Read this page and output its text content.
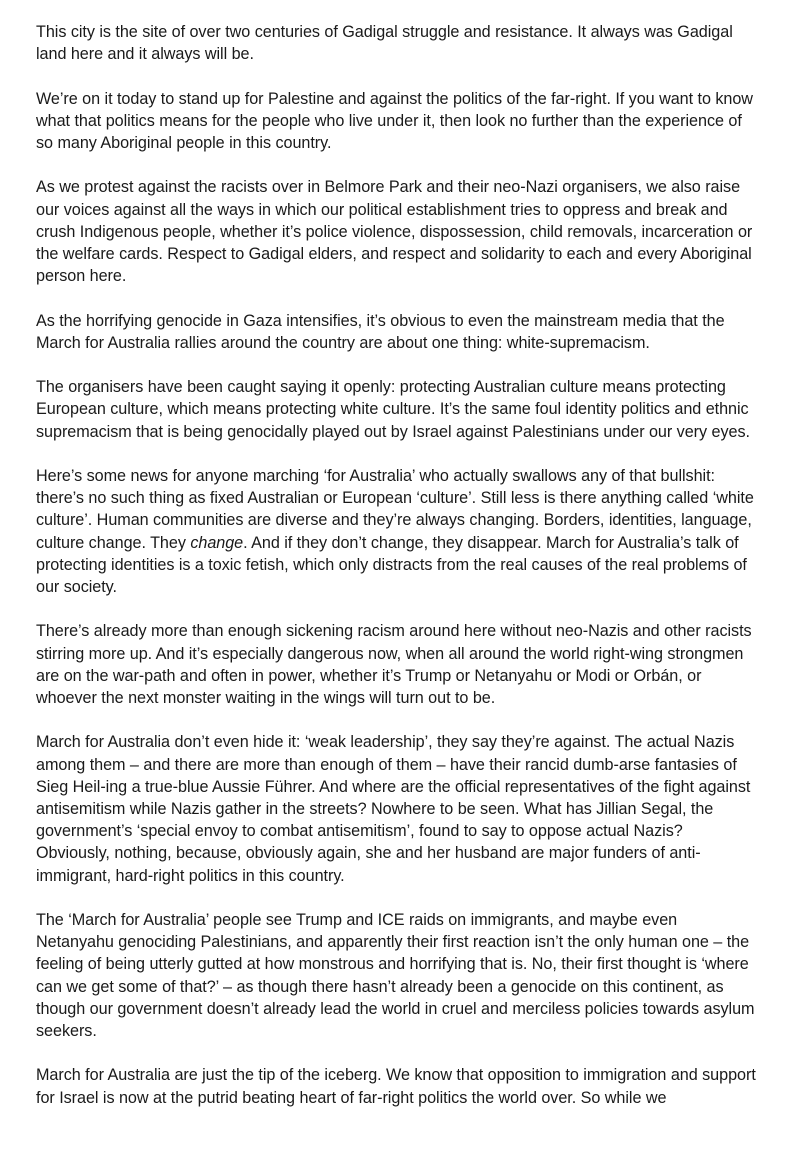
This city is the site of over two centuries of Gadigal struggle and resistance. It always was Gadigal land here and it always will be.

We’re on it today to stand up for Palestine and against the politics of the far-right. If you want to know what that politics means for the people who live under it, then look no further than the experience of so many Aboriginal people in this country.

As we protest against the racists over in Belmore Park and their neo-Nazi organisers, we also raise our voices against all the ways in which our political establishment tries to oppress and break and crush Indigenous people, whether it’s police violence, dispossession, child removals, incarceration or the welfare cards. Respect to Gadigal elders, and respect and solidarity to each and every Aboriginal person here.

As the horrifying genocide in Gaza intensifies, it’s obvious to even the mainstream media that the March for Australia rallies around the country are about one thing: white-supremacism.

The organisers have been caught saying it openly: protecting Australian culture means protecting European culture, which means protecting white culture. It’s the same foul identity politics and ethnic supremacism that is being genocidally played out by Israel against Palestinians under our very eyes.

Here’s some news for anyone marching ‘for Australia’ who actually swallows any of that bullshit: there’s no such thing as fixed Australian or European ‘culture’. Still less is there anything called ‘white culture’. Human communities are diverse and they’re always changing. Borders, identities, language, culture change. They change. And if they don’t change, they disappear. March for Australia’s talk of protecting identities is a toxic fetish, which only distracts from the real causes of the real problems of our society.

There’s already more than enough sickening racism around here without neo-Nazis and other racists stirring more up. And it’s especially dangerous now, when all around the world right-wing strongmen are on the war-path and often in power, whether it’s Trump or Netanyahu or Modi or Orbán, or whoever the next monster waiting in the wings will turn out to be.

March for Australia don’t even hide it: ‘weak leadership’, they say they’re against. The actual Nazis among them – and there are more than enough of them – have their rancid dumb-arse fantasies of Sieg Heil-ing a true-blue Aussie Führer. And where are the official representatives of the fight against antisemitism while Nazis gather in the streets? Nowhere to be seen. What has Jillian Segal, the government’s ‘special envoy to combat antisemitism’, found to say to oppose actual Nazis? Obviously, nothing, because, obviously again, she and her husband are major funders of anti-immigrant, hard-right politics in this country.

The ‘March for Australia’ people see Trump and ICE raids on immigrants, and maybe even Netanyahu genociding Palestinians, and apparently their first reaction isn’t the only human one – the feeling of being utterly gutted at how monstrous and horrifying that is. No, their first thought is ‘where can we get some of that?’ – as though there hasn’t already been a genocide on this continent, as though our government doesn’t already lead the world in cruel and merciless policies towards asylum seekers.

March for Australia are just the tip of the iceberg. We know that opposition to immigration and support for Israel is now at the putrid beating heart of far-right politics the world over. So while we
